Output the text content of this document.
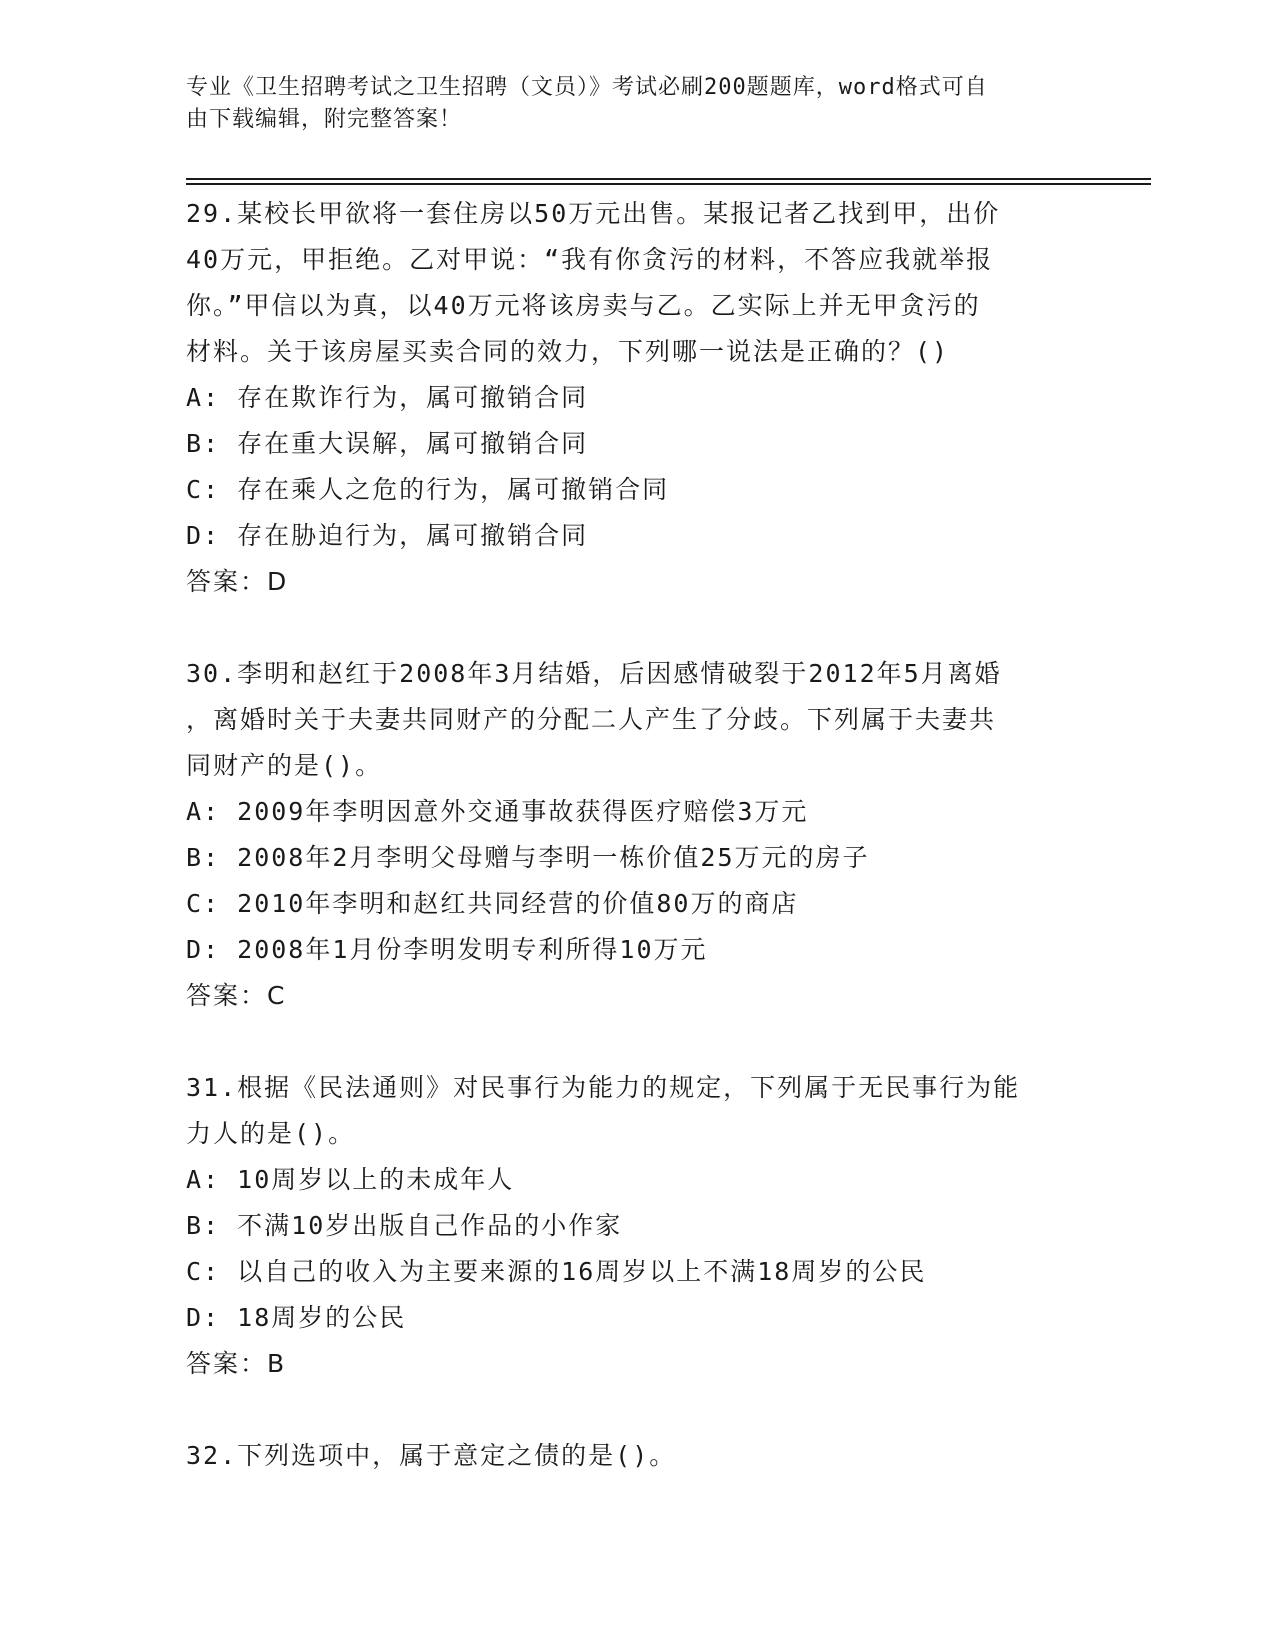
专业《卫生招聘考试之卫生招聘（文员）》考试必刷200题题库，word格式可自
由下载编辑，附完整答案！
29.某校长甲欲将一套住房以50万元出售。某报记者乙找到甲，出价
40万元，甲拒绝。乙对甲说：“我有你贪污的材料，不答应我就举报
你。”甲信以为真，以40万元将该房卖与乙。乙实际上并无甲贪污的
材料。关于该房屋买卖合同的效力，下列哪一说法是正确的？()
A: 存在欺诈行为，属可撤销合同
B: 存在重大误解，属可撤销合同
C: 存在乘人之危的行为，属可撤销合同
D: 存在胁迫行为，属可撤销合同
答案：D
30.李明和赵红于2008年3月结婚，后因感情破裂于2012年5月离婚
，离婚时关于夫妻共同财产的分配二人产生了分歧。下列属于夫妻共
同财产的是()。
A: 2009年李明因意外交通事故获得医疗赔偿3万元
B: 2008年2月李明父母赠与李明一栋价值25万元的房子
C: 2010年李明和赵红共同经营的价值80万的商店
D: 2008年1月份李明发明专利所得10万元
答案：C
31.根据《民法通则》对民事行为能力的规定，下列属于无民事行为能
力人的是()。
A: 10周岁以上的未成年人
B: 不满10岁出版自己作品的小作家
C: 以自己的收入为主要来源的16周岁以上不满18周岁的公民
D: 18周岁的公民
答案：B
32.下列选项中，属于意定之债的是()。
